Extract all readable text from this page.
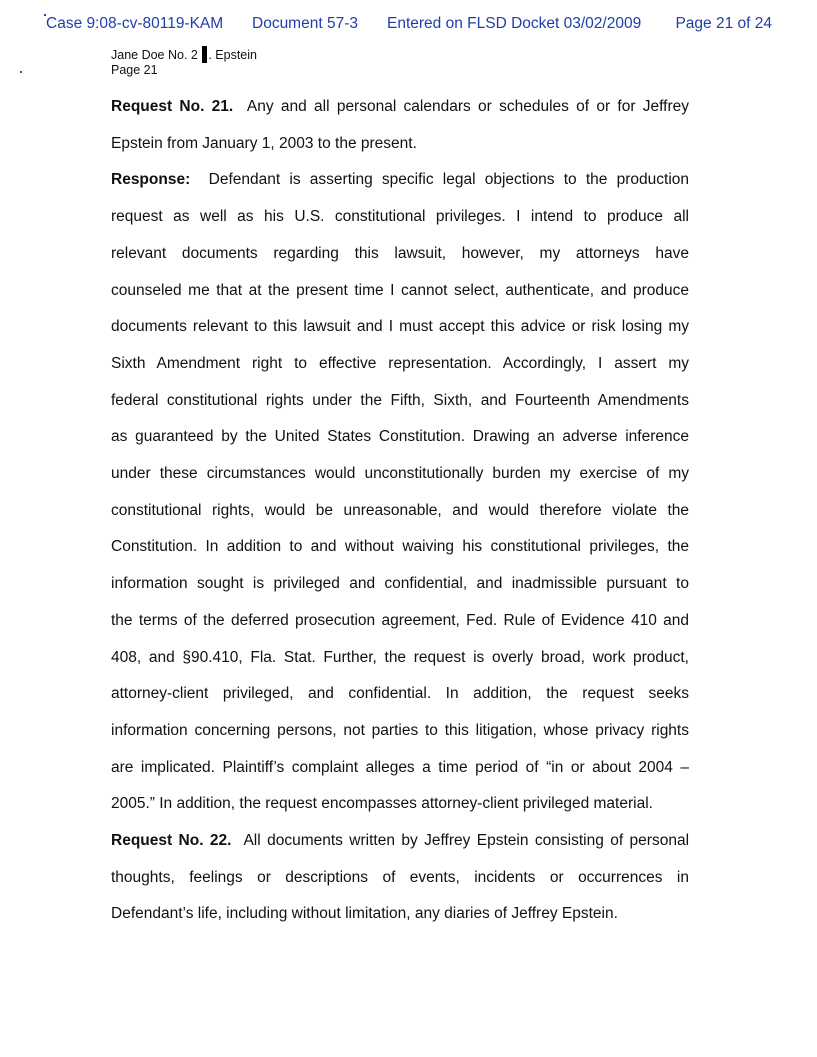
Case 9:08-cv-80119-KAM Document 57-3 Entered on FLSD Docket 03/02/2009 Page 21 of 24
Jane Doe No. 2 . Epstein
Page 21

Request No. 21. Any and all personal calendars or schedules of or for Jeffrey
Epstein from January 1, 2003 to the present.

Response: Defendant is asserting specific legal objections to the production
request as well as his U.S. constitutional privileges. I intend to produce all
relevant documents regarding this lawsuit, however, my attorneys have
counseled me that at the present time I cannot select, authenticate, and produce
documents relevant to this lawsuit and I must accept this advice or risk losing my
Sixth Amendment right to effective representation. Accordingly, I assert my
federal constitutional rights under the Fifth, Sixth, and Fourteenth Amendments
as guaranteed by the United States Constitution. Drawing an adverse inference
under these circumstances would unconstitutionally burden my exercise of my
constitutional rights, would be unreasonable, and would therefore violate the
Constitution. In addition to and without waiving his constitutional privileges, the
information sought is privileged and confidential, and inadmissible pursuant to
the terms of the deferred prosecution agreement, Fed. Rule of Evidence 410 and
408, and §90.410, Fla. Stat. Further, the request is overly broad, work product,
attorney-client privileged, and confidential. In addition, the request seeks
information concerning persons, not parties to this litigation, whose privacy rights
are implicated. Plaintiff’s complaint alleges a time period of “in or about 2004 –
2005.” In addition, the request encompasses attorney-client privileged material.

Request No. 22. All documents written by Jeffrey Epstein consisting of personal
thoughts, feelings or descriptions of events, incidents or occurrences in
Defendant’s life, including without limitation, any diaries of Jeffrey Epstein.
